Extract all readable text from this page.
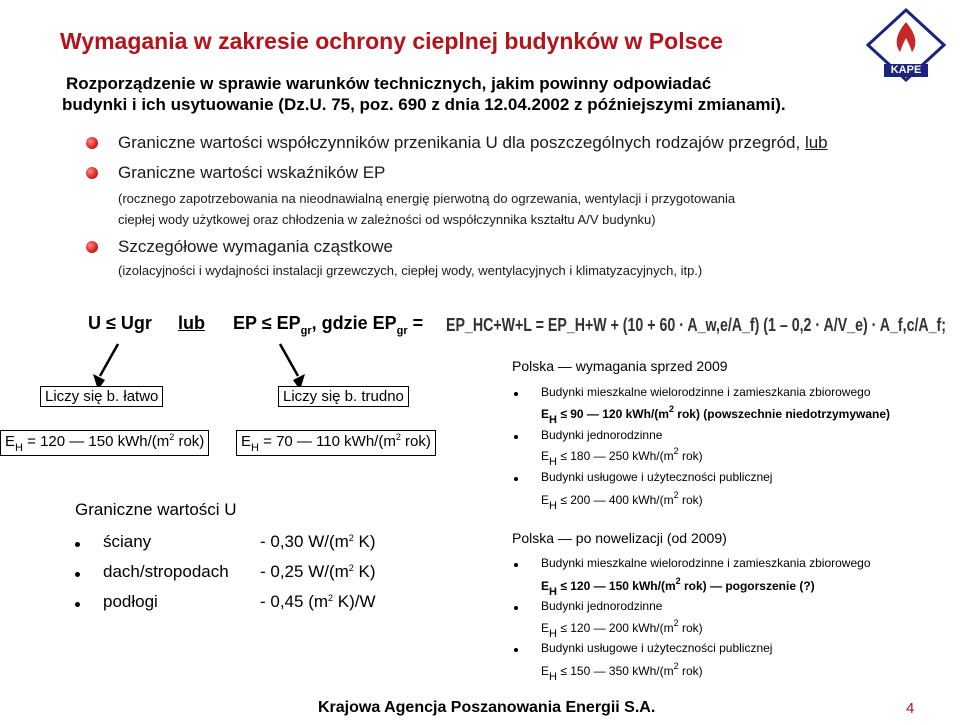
Wymagania w zakresie ochrony cieplnej budynków w Polsce
Rozporządzenie w sprawie warunków technicznych, jakim powinny odpowiadać
budynki i ich usytuowanie (Dz.U. 75, poz. 690 z dnia 12.04.2002 z późniejszymi zmianami).
KAPE
Graniczne wartości współczynników przenikania U dla poszczególnych rodzajów przegród, lub
Graniczne wartości wskaźników EP
(rocznego zapotrzebowania na nieodnawialną energię pierwotną do ogrzewania, wentylacji i przygotowania
ciepłej wody użytkowej oraz chłodzenia w zależności od współczynnika kształtu A/V budynku)
Szczegółowe wymagania cząstkowe
(izolacyjności i wydajności instalacji grzewczych, ciepłej wody, wentylacyjnych i klimatyzacyjnych, itp.)
U ≤ Ugr lub EP ≤ $EP_{gr}$, gdzie $EP_{gr}$ = EP_HC+W+L = EP_H+W + (10 + 60 · A_w,e/A_f) (1 – 0,2 · A/V_e) · A_f,c/A_f;
Liczy się b. łatwo	Liczy się b. trudno
$E_H = 120$ — 150 kWh/($m^2$ rok)	$E_H = 70$ — 110 kWh/($m^2$ rok)
Graniczne wartości U
ściany	- 0,30 $W/(m^2$ K)
dach/stropodach - 0,25 $W/(m^2$ K)
podłogi	- 0,45 ($m^2$ K)/W
Polska — wymagania sprzed 2009
Budynki mieszkalne wielorodzinne i zamieszkania zbiorowego
EH ≤ 90 — 120 kWh/($m^2$ rok) (powszechnie niedotrzymywane)
Budynki jednorodzinne
EH ≤ 180 — 250 kWh/($m^2$ rok)
Budynki usługowe i użyteczności publicznej
EH ≤ 200 — 400 kWh/($m^2$ rok)
Polska — po nowelizacji (od 2009)
Budynki mieszkalne wielorodzinne i zamieszkania zbiorowego
EH ≤ 120 — 150 kWh/($m^2$ rok) — pogorszenie (?)
Budynki jednorodzinne
EH ≤ 120 — 200 kWh/($m^2$ rok)
Budynki usługowe i użyteczności publicznej
EH ≤ 150 — 350 kWh/($m^2$ rok)
Krajowa Agencja Poszanowania Energii S.A.	4
